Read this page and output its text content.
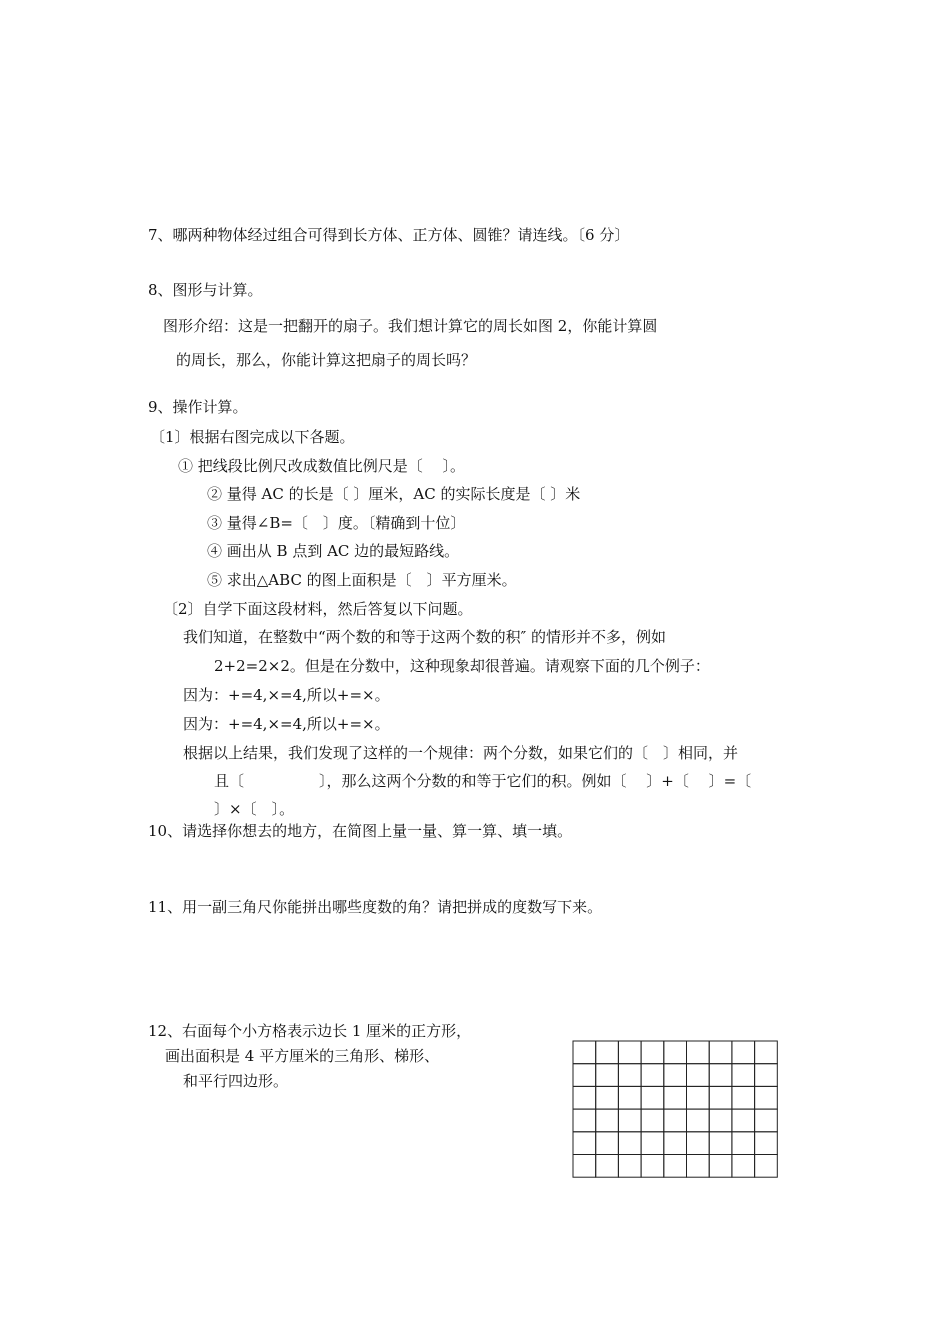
7、哪两种物体经过组合可得到长方体、正方体、圆锥？请连线。〔6 分〕
8、图形与计算。
图形介绍：这是一把翻开的扇子。我们想计算它的周长如图 2，你能计算圆
的周长，那么，你能计算这把扇子的周长吗？
9、操作计算。
〔1〕根据右图完成以下各题。
① 把线段比例尺改成数值比例尺是〔　 〕。
② 量得 AC 的长是〔 〕厘米，AC 的实际长度是〔 〕米
③ 量得∠B=〔　〕度。〔精确到十位〕
④ 画出从 B 点到 AC 边的最短路线。
⑤ 求出△ABC 的图上面积是〔　〕平方厘米。
〔2〕自学下面这段材料，然后答复以下问题。
我们知道，在整数中“两个数的和等于这两个数的积″ 的情形并不多，例如
2+2=2×2。但是在分数中，这种现象却很普遍。请观察下面的几个例子：
因为：+=4,×=4,所以+=×。
因为：+=4,×=4,所以+=×。
根据以上结果，我们发现了这样的一个规律：两个分数，如果它们的〔　〕相同，并
且〔　　　　　〕，那么这两个分数的和等于它们的积。例如〔　 〕+〔　 〕=〔
〕×〔　〕。
10、请选择你想去的地方，在简图上量一量、算一算、填一填。
11、用一副三角尺你能拼出哪些度数的角？请把拼成的度数写下来。
12、右面每个小方格表示边长 1 厘米的正方形，
画出面积是 4 平方厘米的三角形、梯形、
和平行四边形。
